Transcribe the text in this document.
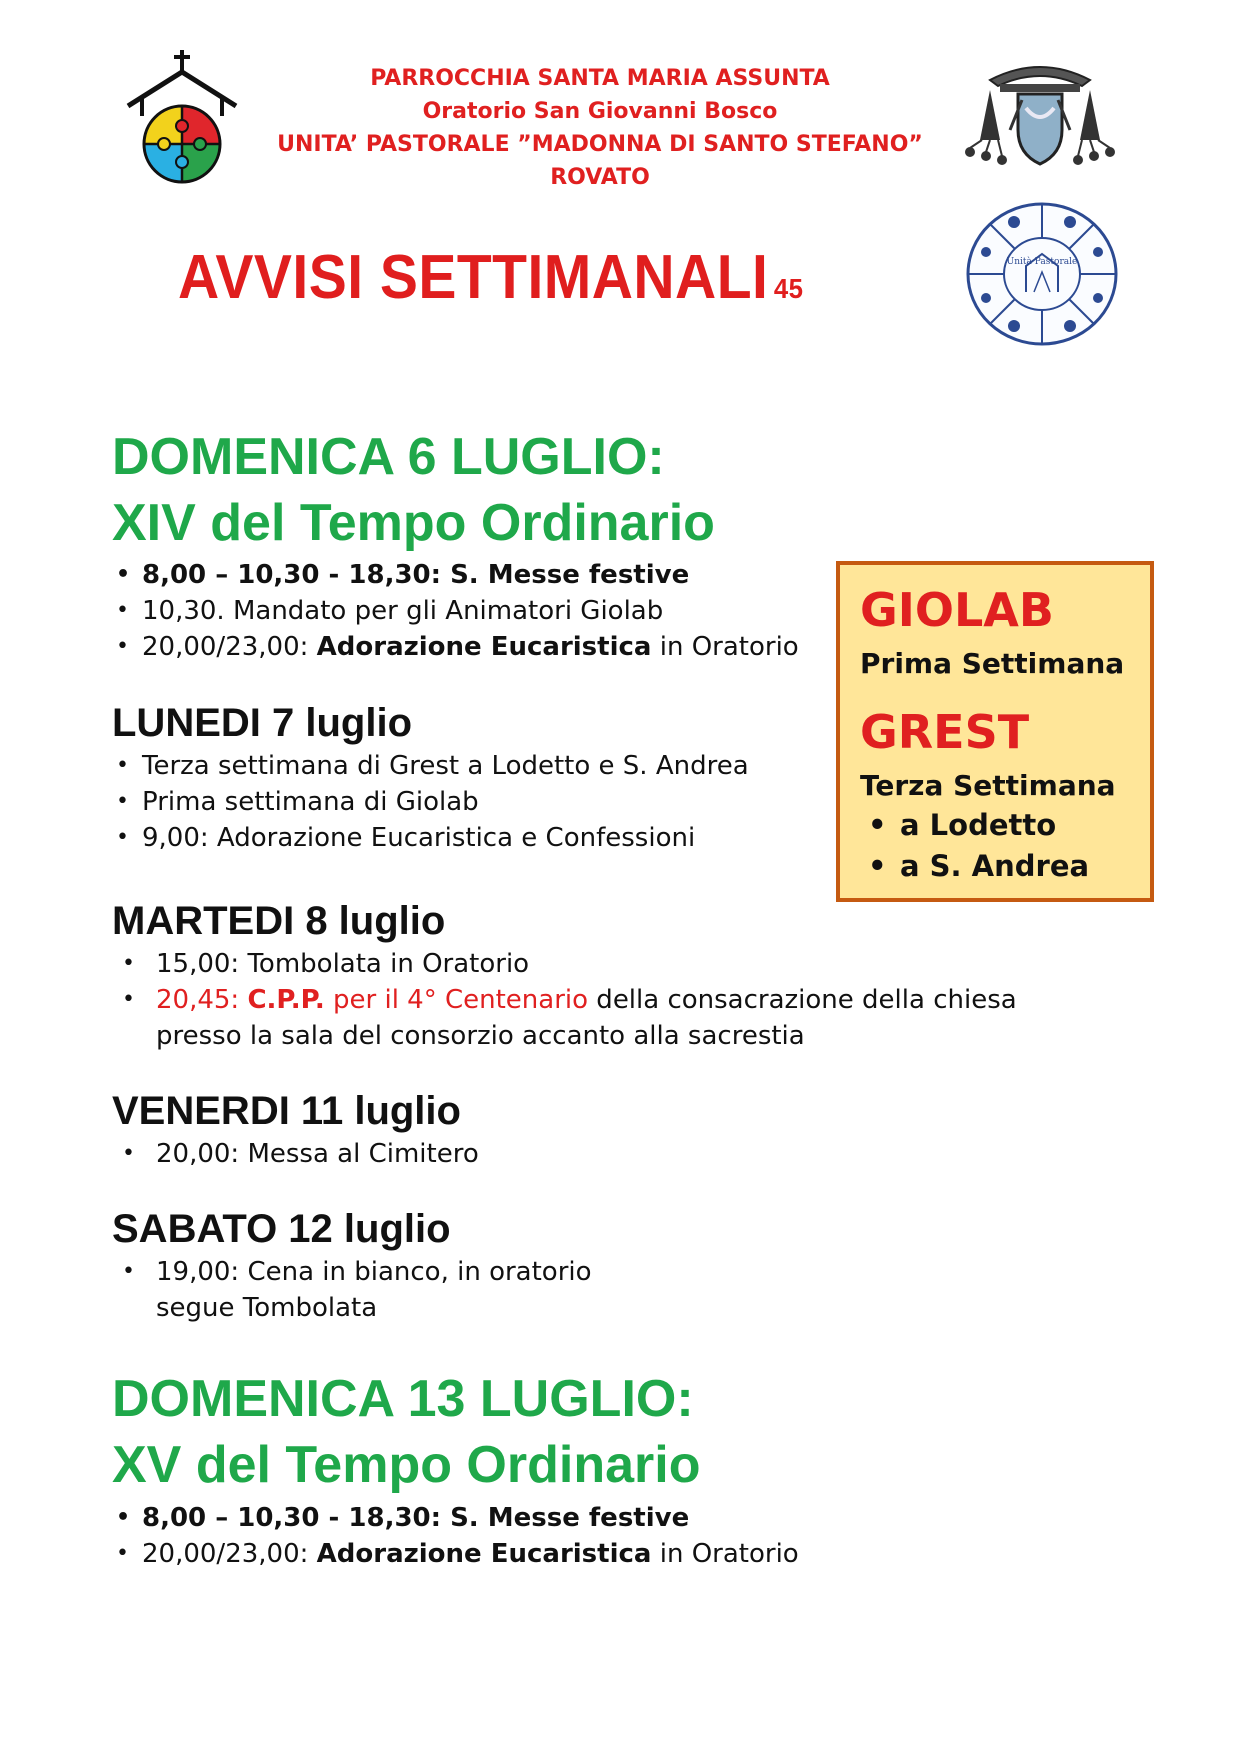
PARROCCHIA SANTA MARIA ASSUNTA
Oratorio San Giovanni Bosco
UNITA’ PASTORALE ”MADONNA DI SANTO STEFANO”
ROVATO
Unità Pastorale
AVVISI SETTIMANALI 45
DOMENICA 6 LUGLIO:
XIV del Tempo Ordinario
• 8,00 – 10,30 - 18,30: S. Messe festive
• 10,30. Mandato per gli Animatori Giolab
• 20,00/23,00: Adorazione Eucaristica in Oratorio
LUNEDI 7 luglio
• Terza settimana di Grest a Lodetto e S. Andrea
• Prima settimana di Giolab
• 9,00: Adorazione Eucaristica e Confessioni
MARTEDI 8 luglio
• 15,00: Tombolata in Oratorio
• 20,45: C.P.P. per il 4° Centenario della consacrazione della chiesa
presso la sala del consorzio accanto alla sacrestia
VENERDI 11 luglio
• 20,00: Messa al Cimitero
SABATO 12 luglio
• 19,00: Cena in bianco, in oratorio
segue Tombolata
DOMENICA 13 LUGLIO:
XV del Tempo Ordinario
• 8,00 – 10,30 - 18,30: S. Messe festive
• 20,00/23,00: Adorazione Eucaristica in Oratorio
GIOLAB
Prima Settimana
GREST
Terza Settimana
• a Lodetto
• a S. Andrea
